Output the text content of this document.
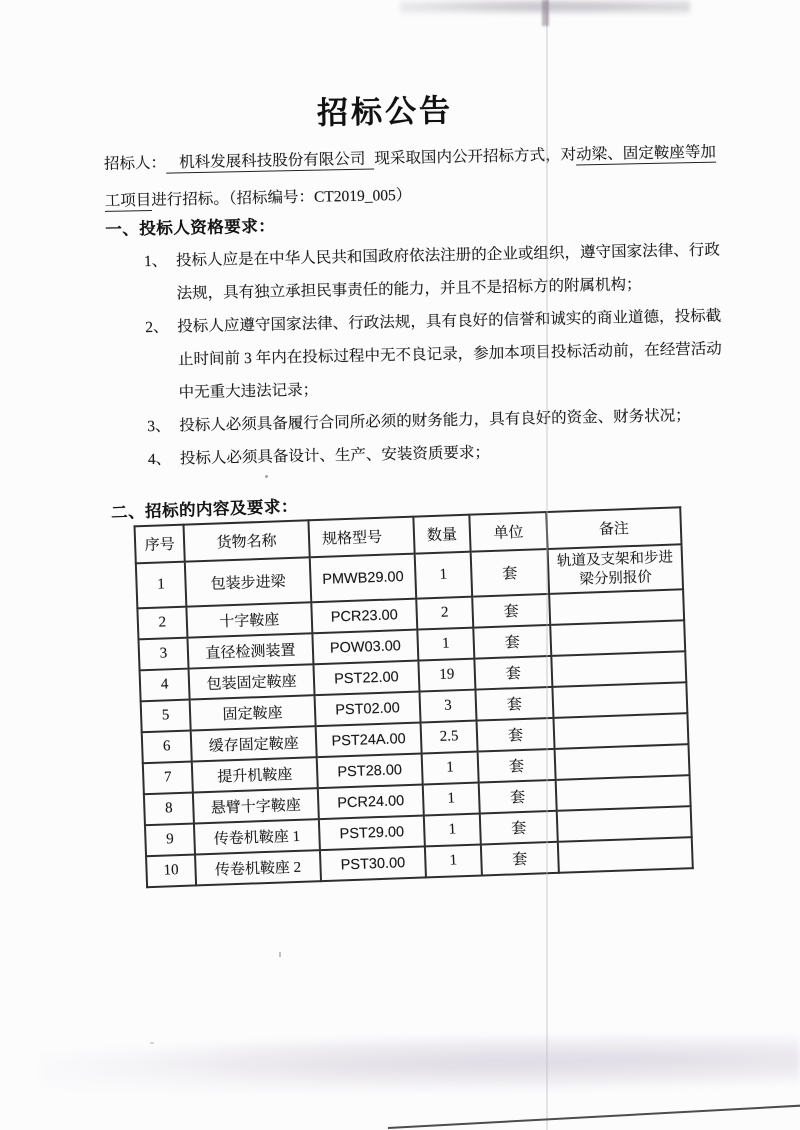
招标公告
招标人： 机科发展科技股份有限公司 现采取国内公开招标方式，对动梁、固定鞍座等加工项目进行招标。（招标编号：CT2019_005）
一、投标人资格要求：
1、 投标人应是在中华人民共和国政府依法注册的企业或组织，遵守国家法律、行政法规，具有独立承担民事责任的能力，并且不是招标方的附属机构；
2、 投标人应遵守国家法律、行政法规，具有良好的信誉和诚实的商业道德，投标截止时间前 3 年内在投标过程中无不良记录，参加本项目投标活动前，在经营活动中无重大违法记录；
3、 投标人必须具备履行合同所必须的财务能力，具有良好的资金、财务状况；
4、 投标人必须具备设计、生产、安装资质要求；
二、招标的内容及要求：
序号	货物名称	规格型号	数量	单位	备注
1	包装步进梁	PMWB29.00	1	套	轨道及支架和步进梁分别报价
2	十字鞍座	PCR23.00	2	套	
3	直径检测装置	POW03.00	1	套	
4	包装固定鞍座	PST22.00	19	套	
5	固定鞍座	PST02.00	3	套	
6	缓存固定鞍座	PST24A.00	2.5	套	
7	提升机鞍座	PST28.00	1	套	
8	悬臂十字鞍座	PCR24.00	1	套	
9	传卷机鞍座 1	PST29.00	1	套	
10	传卷机鞍座 2	PST30.00	1	套	
